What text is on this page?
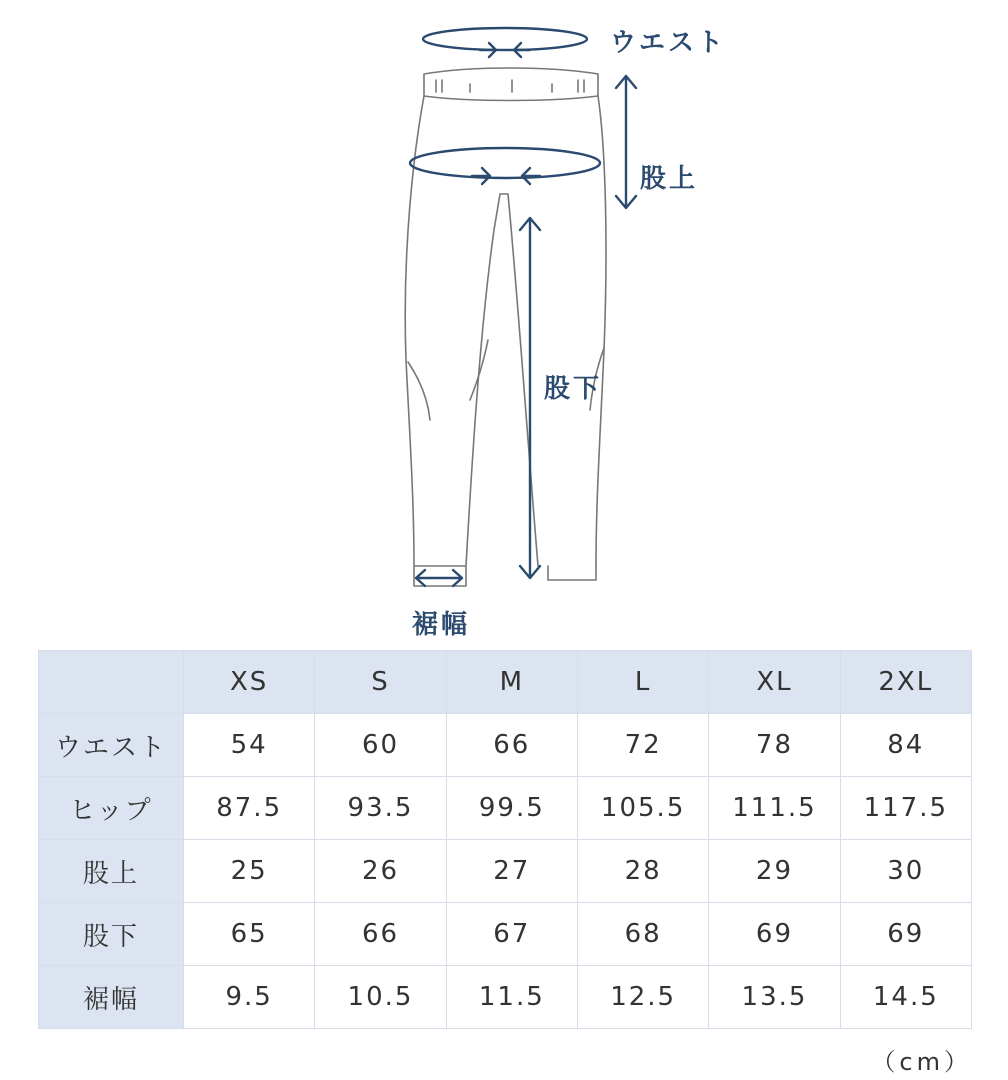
ウエスト
股上
股下
裾幅
	XS	S	M	L	XL	2XL
ウエスト	54	60	66	72	78	84
ヒップ	87.5	93.5	99.5	105.5	111.5	117.5
股上	25	26	27	28	29	30
股下	65	66	67	68	69	69
裾幅	9.5	10.5	11.5	12.5	13.5	14.5
（cm）
